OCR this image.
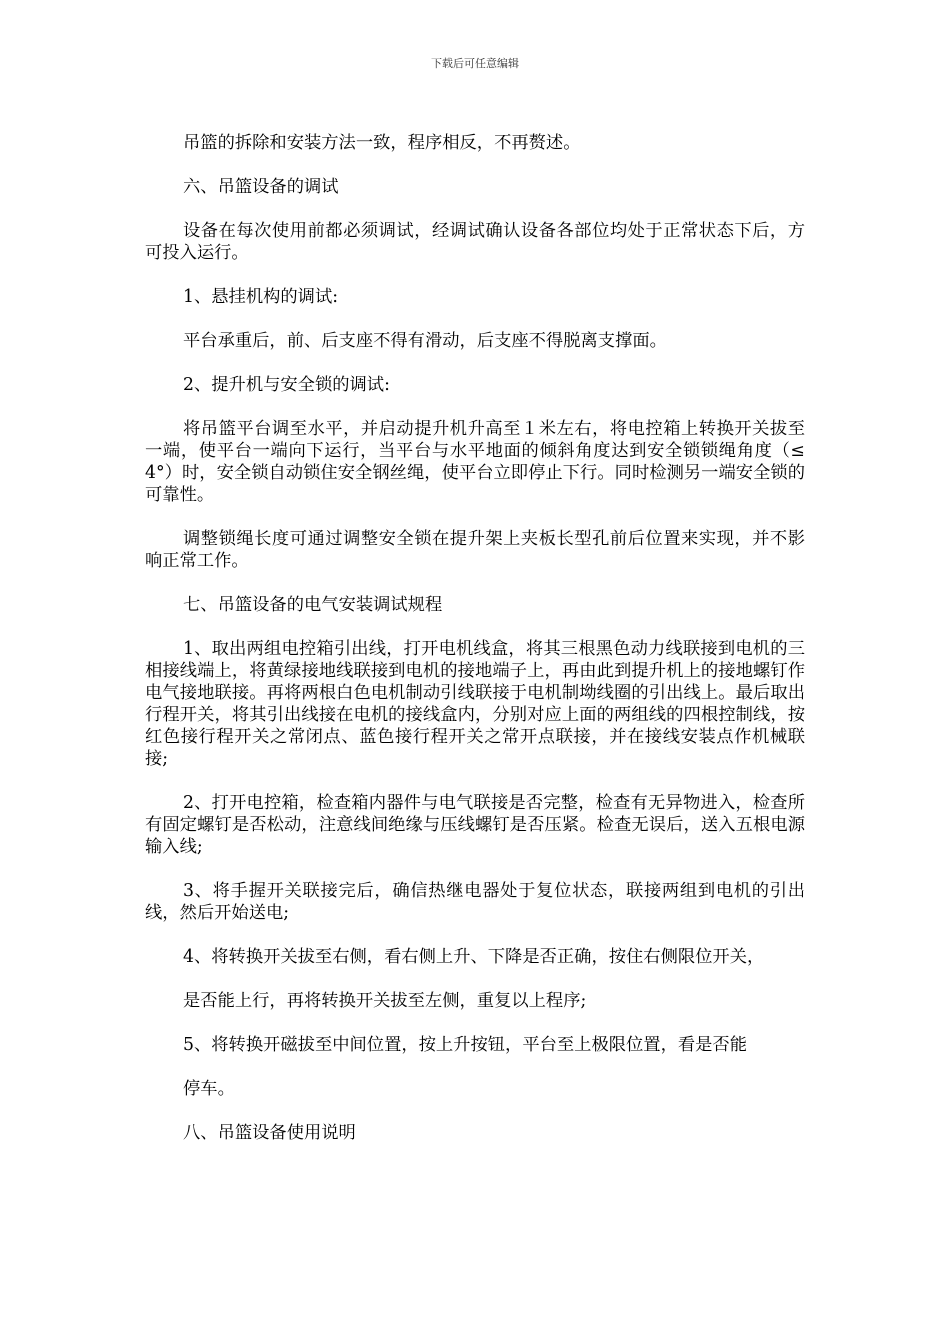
下载后可任意编辑

吊篮的拆除和安装方法一致，程序相反，不再赘述。

六、吊篮设备的调试

设备在每次使用前都必须调试，经调试确认设备各部位均处于正常状态下后，方可投入运行。

1、悬挂机构的调试:

平台承重后，前、后支座不得有滑动，后支座不得脱离支撑面。

2、提升机与安全锁的调试:

将吊篮平台调至水平，并启动提升机升高至１米左右，将电控箱上转换开关拔至一端，使平台一端向下运行，当平台与水平地面的倾斜角度达到安全锁锁绳角度（≤4°）时，安全锁自动锁住安全钢丝绳，使平台立即停止下行。同时检测另一端安全锁的可靠性。

调整锁绳长度可通过调整安全锁在提升架上夹板长型孔前后位置来实现，并不影响正常工作。

七、吊篮设备的电气安装调试规程

1、取出两组电控箱引出线，打开电机线盒，将其三根黑色动力线联接到电机的三相接线端上，将黄绿接地线联接到电机的接地端子上，再由此到提升机上的接地螺钉作电气接地联接。再将两根白色电机制动引线联接于电机制坳线圈的引出线上。最后取出行程开关，将其引出线接在电机的接线盒内，分别对应上面的两组线的四根控制线，按红色接行程开关之常闭点、蓝色接行程开关之常开点联接，并在接线安装点作机械联接;

2、打开电控箱，检查箱内器件与电气联接是否完整，检查有无异物进入，检查所有固定螺钉是否松动，注意线间绝缘与压线螺钉是否压紧。检查无误后，送入五根电源输入线;

3、将手握开关联接完后，确信热继电器处于复位状态，联接两组到电机的引出线，然后开始送电;

4、将转换开关拔至右侧，看右侧上升、下降是否正确，按住右侧限位开关，

是否能上行，再将转换开关拔至左侧，重复以上程序;

5、将转换开磁拔至中间位置，按上升按钮，平台至上极限位置，看是否能

停车。

八、吊篮设备使用说明
